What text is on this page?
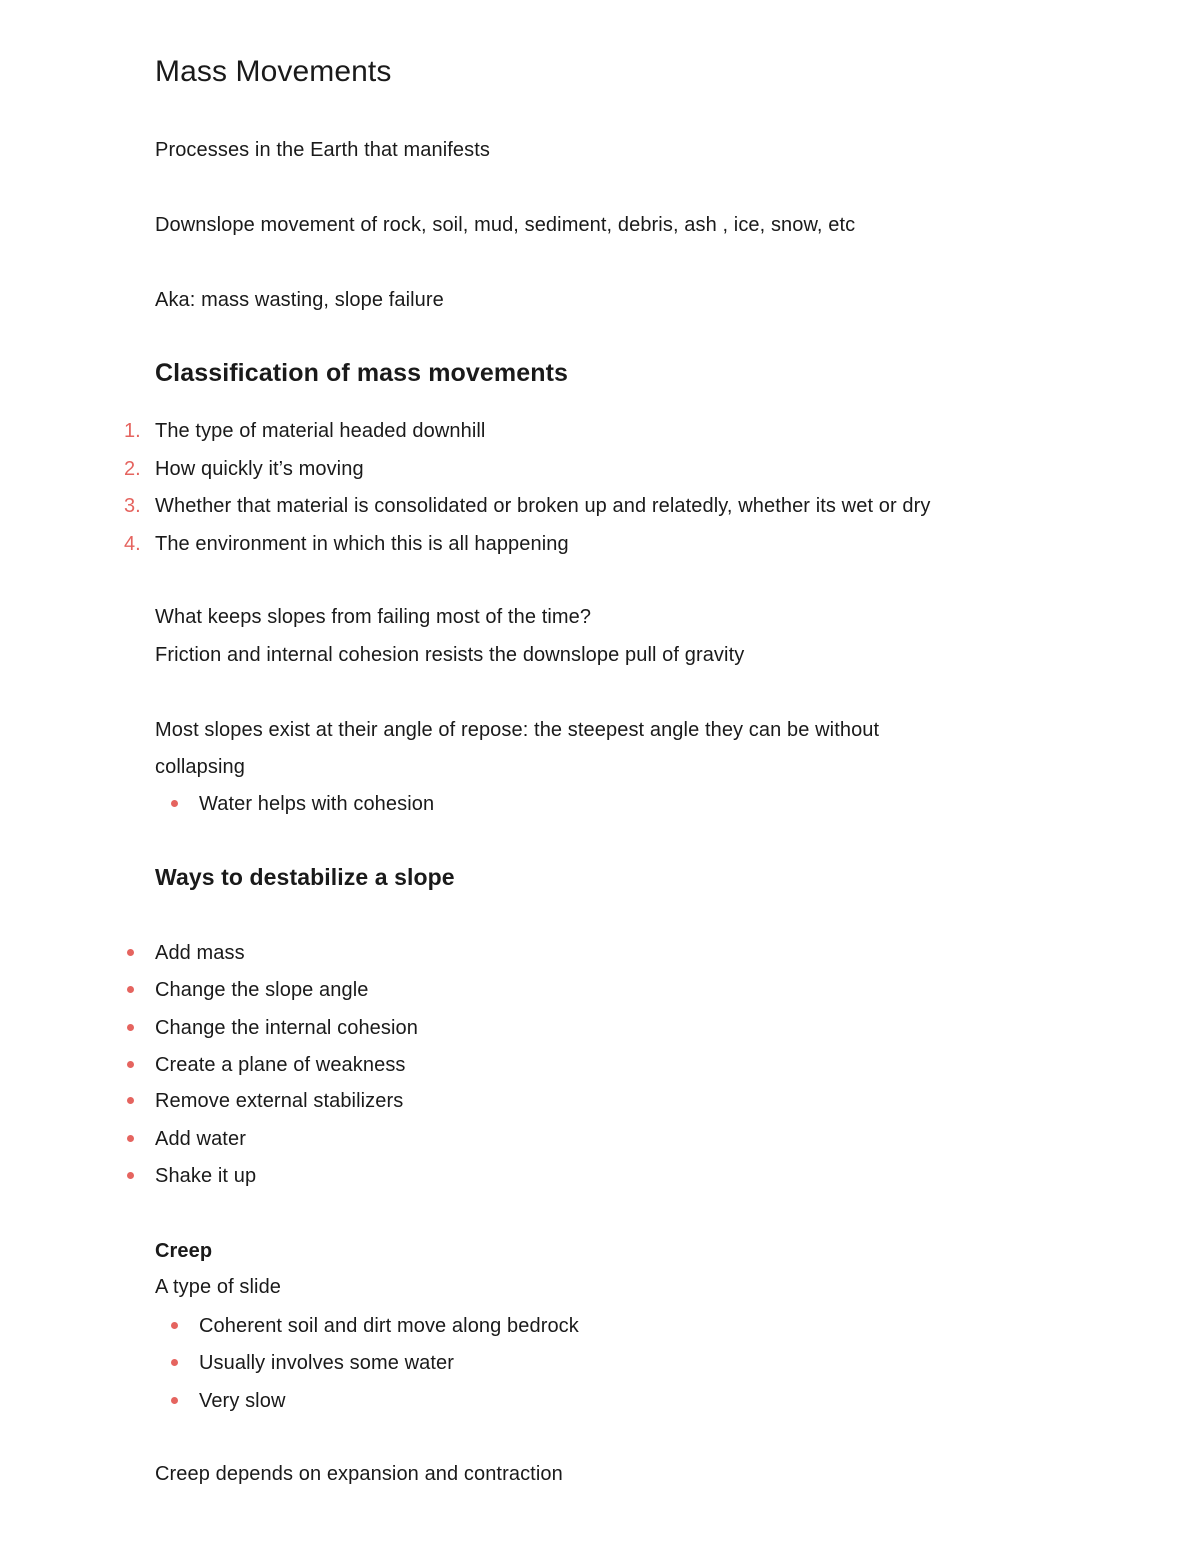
Mass Movements
Processes in the Earth that manifests
Downslope movement of rock, soil, mud, sediment, debris, ash , ice, snow, etc
Aka: mass wasting, slope failure
Classification of mass movements
1. The type of material headed downhill
2. How quickly it’s moving
3. Whether that material is consolidated or broken up and relatedly, whether its wet or dry
4. The environment in which this is all happening
What keeps slopes from failing most of the time?
Friction and internal cohesion resists the downslope pull of gravity
Most slopes exist at their angle of repose: the steepest angle they can be without
collapsing
Water helps with cohesion
Ways to destabilize a slope
Add mass
Change the slope angle
Change the internal cohesion
Create a plane of weakness
Remove external stabilizers
Add water
Shake it up
Creep
A type of slide
Coherent soil and dirt move along bedrock
Usually involves some water
Very slow
Creep depends on expansion and contraction
